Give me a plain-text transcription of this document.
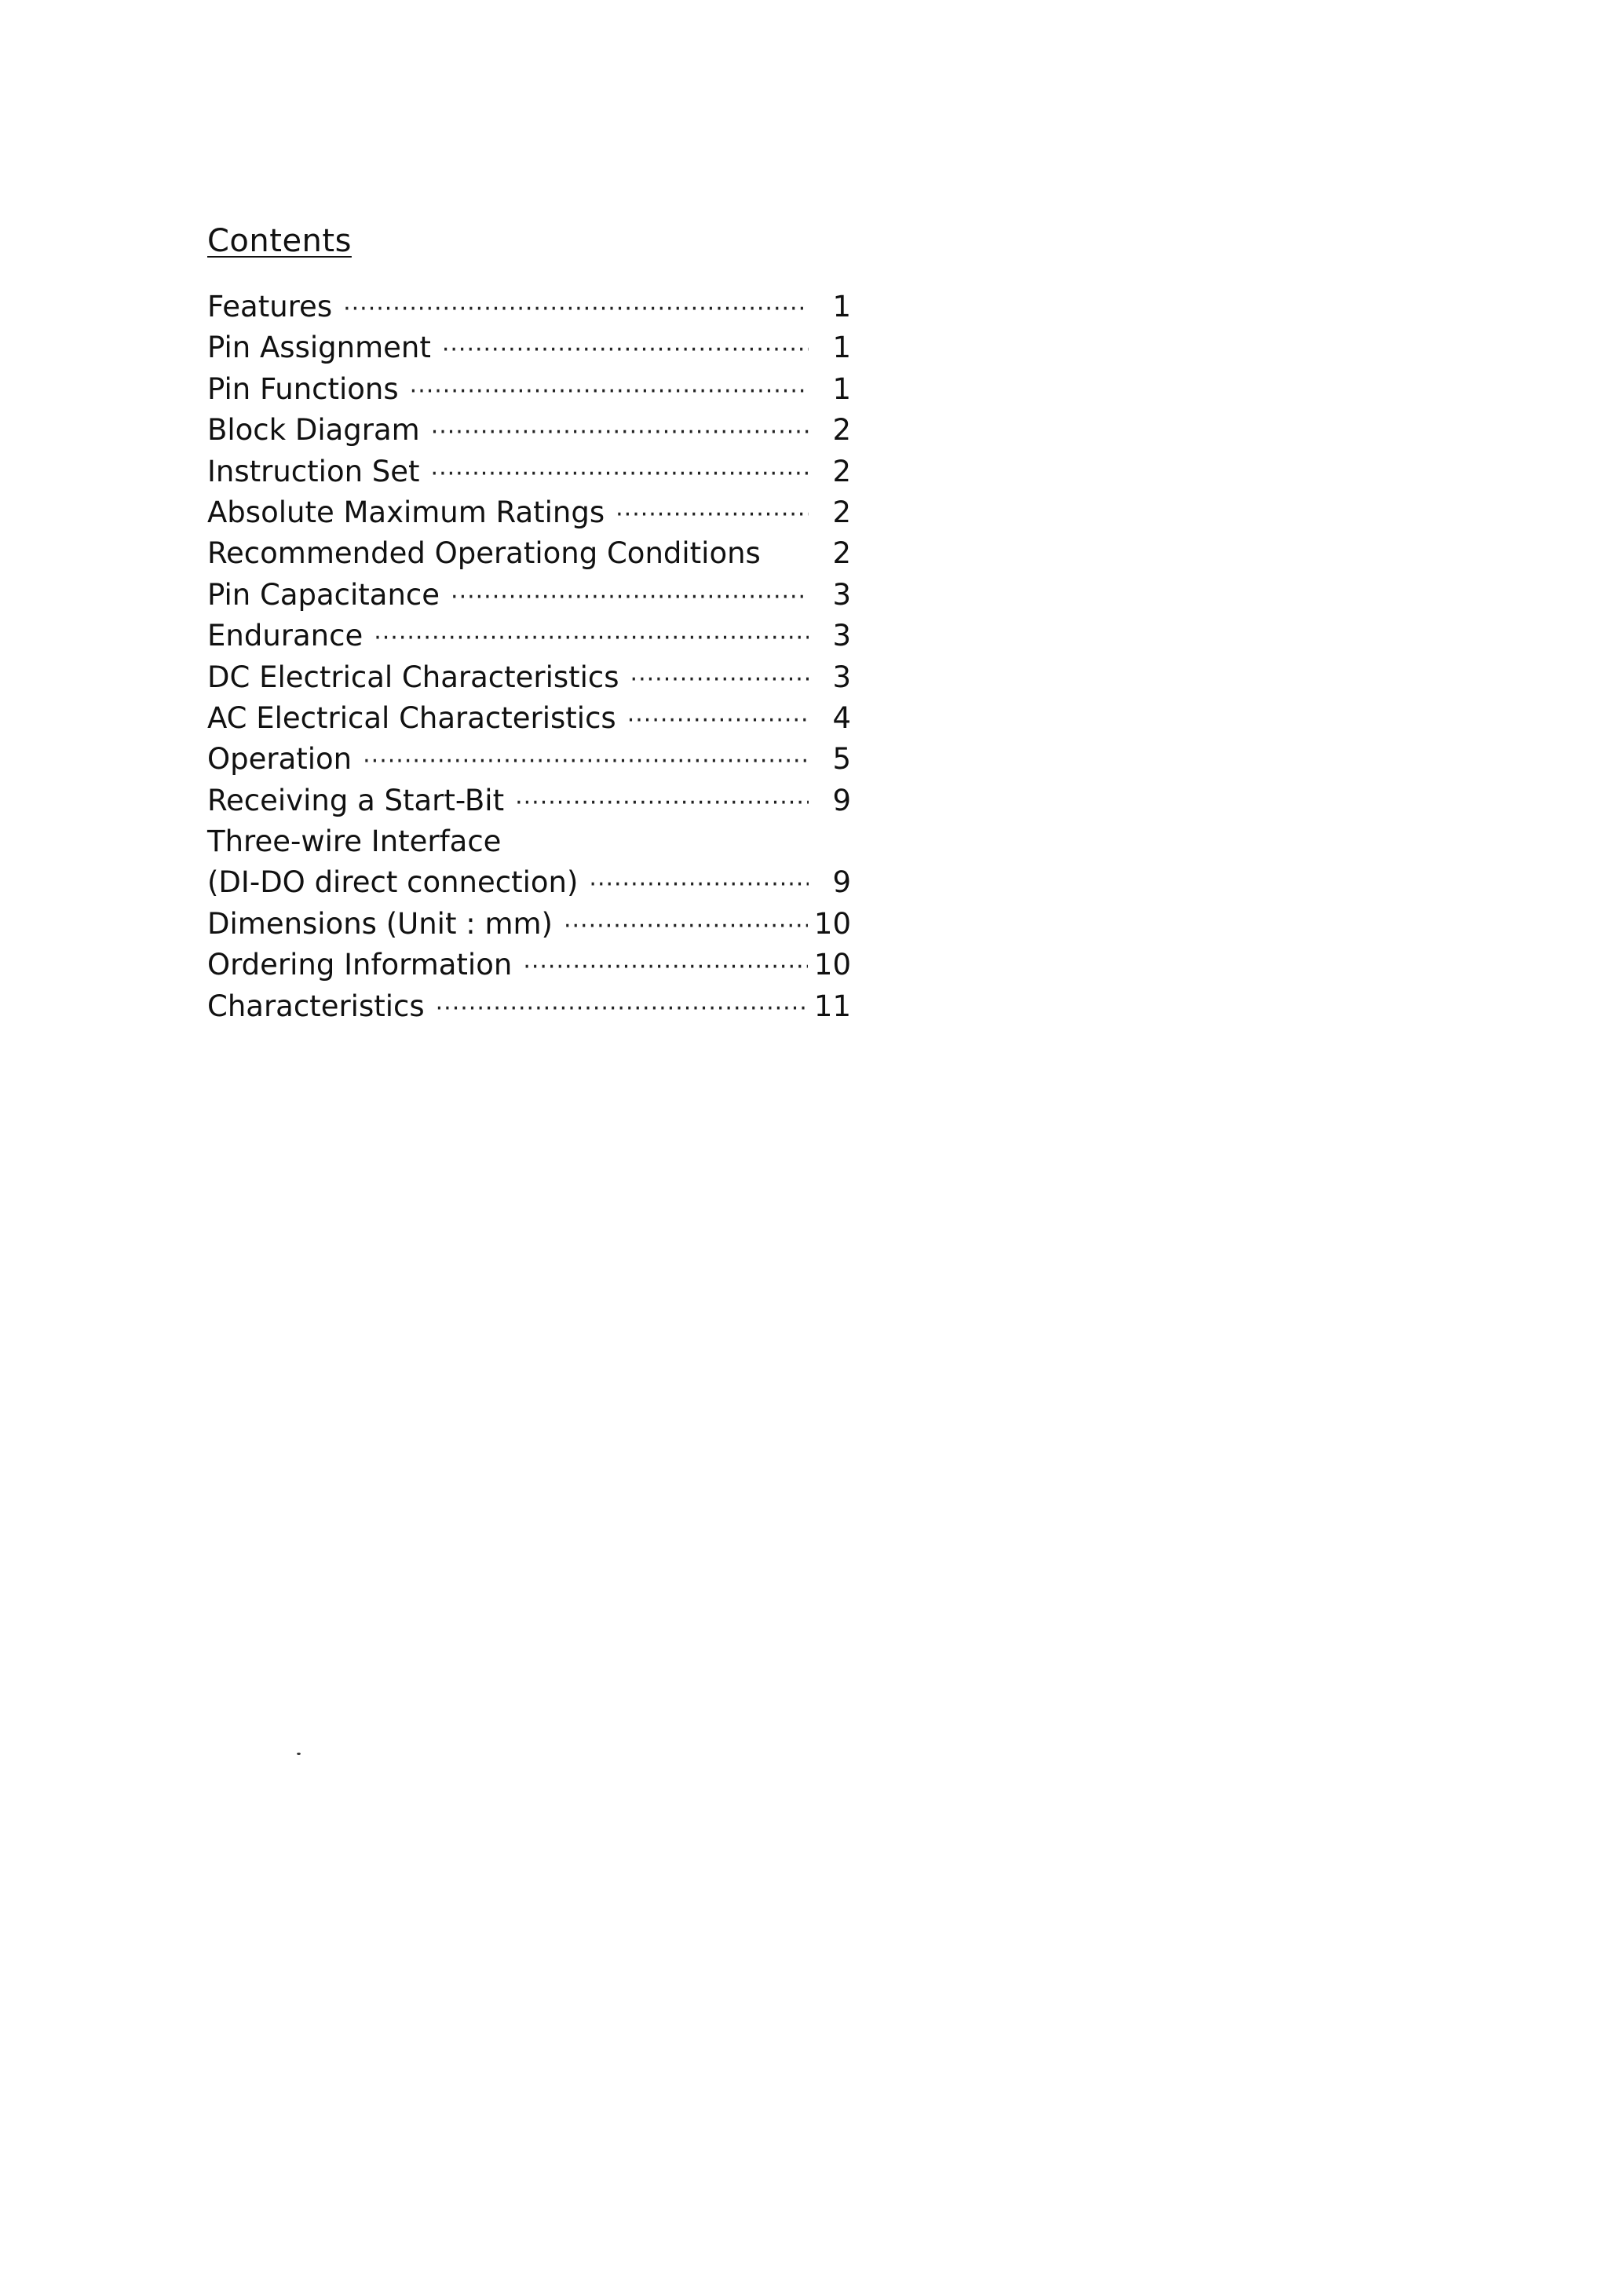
Contents
Features ·····	1
Pin Assignment ·····	1
Pin Functions ·····	1
Block Diagram ·····	2
Instruction Set ·····	2
Absolute Maximum Ratings ·····	2
Recommended Operationg Conditions	2
Pin Capacitance ·····	3
Endurance ·····	3
DC Electrical Characteristics ·····	3
AC Electrical Characteristics ·····	4
Operation ·····	5
Receiving a Start-Bit ·····	9
Three-wire Interface
(DI-DO direct connection) ·····	9
Dimensions (Unit : mm) ·····	10
Ordering Information ·····	10
Characteristics ·····	11
